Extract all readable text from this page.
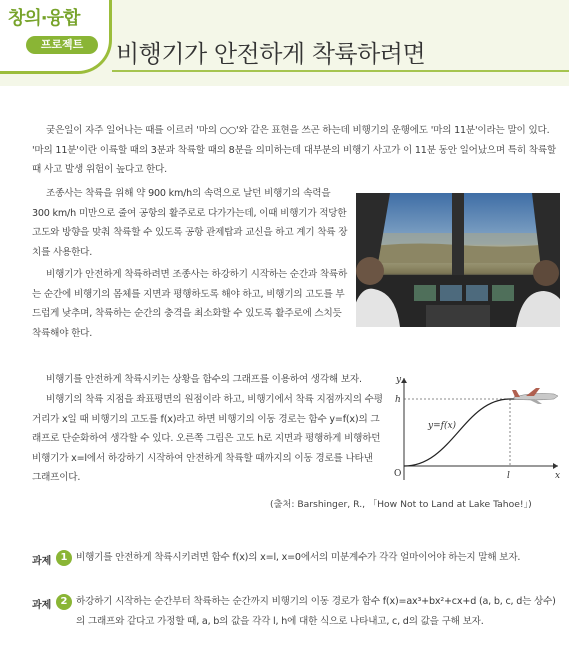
창의·융합
프로젝트	비행기가 안전하게 착륙하려면

궂은일이 자주 일어나는 때를 이르러 '마의 ○○'와 같은 표현을 쓰곤 하는데 비행기의 운행에도 '마의 11분'이라는 말이 있다. '마의 11분'이란 이륙할 때의 3분과 착륙할 때의 8분을 의미하는데 대부분의 비행기 사고가 이 11분 동안 일어났으며 특히 착륙할 때 사고 발생 위험이 높다고 한다.

조종사는 착륙을 위해 약 900 km/h의 속력으로 날던 비행기의 속력을 300 km/h 미만으로 줄여 공항의 활주로로 다가가는데, 이때 비행기가 적당한 고도와 방향을 맞춰 착륙할 수 있도록 공항 관제탑과 교신을 하고 계기 착륙 장치를 사용한다.

비행기가 안전하게 착륙하려면 조종사는 하강하기 시작하는 순간과 착륙하는 순간에 비행기의 몸체를 지면과 평행하도록 해야 하고, 비행기의 고도를 부드럽게 낮추며, 착륙하는 순간의 충격을 최소화할 수 있도록 활주로에 스치듯 착륙해야 한다.

비행기를 안전하게 착륙시키는 상황을 함수의 그래프를 이용하여 생각해 보자.

비행기의 착륙 지점을 좌표평면의 원점이라 하고, 비행기에서 착륙 지점까지의 수평 거리가 x일 때 비행기의 고도를 f(x)라고 하면 비행기의 이동 경로는 함수 y=f(x)의 그래프로 단순화하여 생각할 수 있다. 오른쪽 그림은 고도 h로 지면과 평행하게 비행하던 비행기가 x=l에서 하강하기 시작하여 안전하게 착륙할 때까지의 이동 경로를 나타낸 그래프이다.

y
x
h
l
O
y=f(x)
(출처: Barshinger, R., 「How Not to Land at Lake Tahoe!」)
과제 1 비행기를 안전하게 착륙시키려면 함수 f(x)의 x=l, x=0에서의 미분계수가 각각 얼마이어야 하는지 말해 보자.

과제 2 하강하기 시작하는 순간부터 착륙하는 순간까지 비행기의 이동 경로가 함수 f(x)=ax³+bx²+cx+d (a, b, c, d는 상수)의 그래프와 같다고 가정할 때, a, b의 값을 각각 l, h에 대한 식으로 나타내고, c, d의 값을 구해 보자.
